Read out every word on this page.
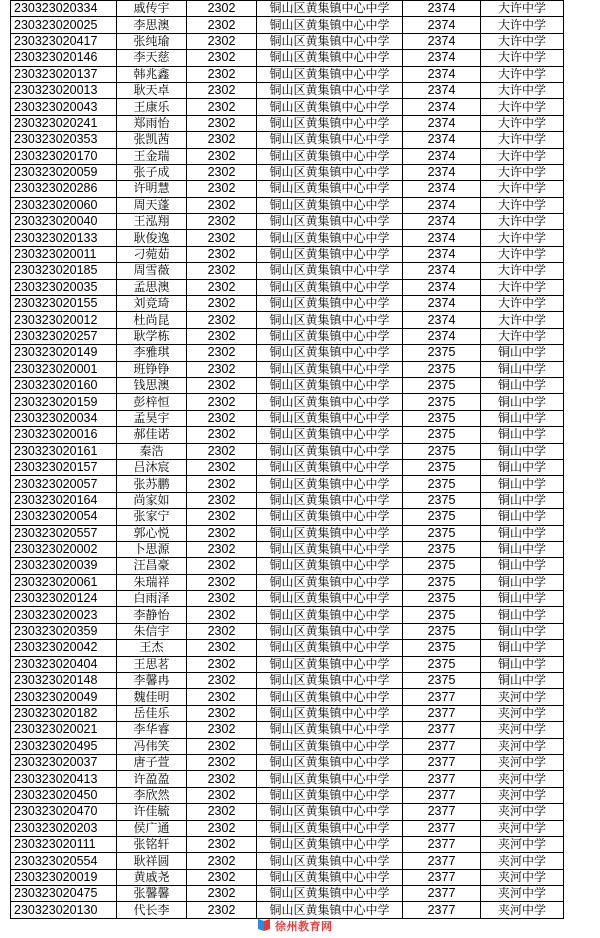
230323020334	戚传宇	2302	铜山区黄集镇中心中学	2374	大许中学
230323020025	李思澳	2302	铜山区黄集镇中心中学	2374	大许中学
230323020417	张纯瑜	2302	铜山区黄集镇中心中学	2374	大许中学
230323020146	李天慈	2302	铜山区黄集镇中心中学	2374	大许中学
230323020137	韩兆鑫	2302	铜山区黄集镇中心中学	2374	大许中学
230323020013	耿天卓	2302	铜山区黄集镇中心中学	2374	大许中学
230323020043	王康乐	2302	铜山区黄集镇中心中学	2374	大许中学
230323020241	郑雨怡	2302	铜山区黄集镇中心中学	2374	大许中学
230323020353	张凯茜	2302	铜山区黄集镇中心中学	2374	大许中学
230323020170	王金瑞	2302	铜山区黄集镇中心中学	2374	大许中学
230323020059	张子成	2302	铜山区黄集镇中心中学	2374	大许中学
230323020286	许明慧	2302	铜山区黄集镇中心中学	2374	大许中学
230323020060	周天蓬	2302	铜山区黄集镇中心中学	2374	大许中学
230323020040	王泓翔	2302	铜山区黄集镇中心中学	2374	大许中学
230323020133	耿俊逸	2302	铜山区黄集镇中心中学	2374	大许中学
230323020011	刁菀茹	2302	铜山区黄集镇中心中学	2374	大许中学
230323020185	周雪薇	2302	铜山区黄集镇中心中学	2374	大许中学
230323020035	孟思澳	2302	铜山区黄集镇中心中学	2374	大许中学
230323020155	刘竞琦	2302	铜山区黄集镇中心中学	2374	大许中学
230323020012	杜尚昆	2302	铜山区黄集镇中心中学	2374	大许中学
230323020257	耿学栋	2302	铜山区黄集镇中心中学	2374	大许中学
230323020149	李雅琪	2302	铜山区黄集镇中心中学	2375	铜山中学
230323020001	班铮铮	2302	铜山区黄集镇中心中学	2375	铜山中学
230323020160	钱思澳	2302	铜山区黄集镇中心中学	2375	铜山中学
230323020159	彭梓恒	2302	铜山区黄集镇中心中学	2375	铜山中学
230323020034	孟昊宇	2302	铜山区黄集镇中心中学	2375	铜山中学
230323020016	郝佳诺	2302	铜山区黄集镇中心中学	2375	铜山中学
230323020161	秦浩	2302	铜山区黄集镇中心中学	2375	铜山中学
230323020157	吕沐宸	2302	铜山区黄集镇中心中学	2375	铜山中学
230323020057	张苏鹏	2302	铜山区黄集镇中心中学	2375	铜山中学
230323020164	尚家如	2302	铜山区黄集镇中心中学	2375	铜山中学
230323020054	张家宁	2302	铜山区黄集镇中心中学	2375	铜山中学
230323020557	郭心悦	2302	铜山区黄集镇中心中学	2375	铜山中学
230323020002	卜思源	2302	铜山区黄集镇中心中学	2375	铜山中学
230323020039	汪昌豪	2302	铜山区黄集镇中心中学	2375	铜山中学
230323020061	朱瑞祥	2302	铜山区黄集镇中心中学	2375	铜山中学
230323020124	白雨泽	2302	铜山区黄集镇中心中学	2375	铜山中学
230323020023	李静怡	2302	铜山区黄集镇中心中学	2375	铜山中学
230323020359	朱信宇	2302	铜山区黄集镇中心中学	2375	铜山中学
230323020042	王杰	2302	铜山区黄集镇中心中学	2375	铜山中学
230323020404	王思茗	2302	铜山区黄集镇中心中学	2375	铜山中学
230323020148	李馨冉	2302	铜山区黄集镇中心中学	2375	铜山中学
230323020049	魏佳明	2302	铜山区黄集镇中心中学	2377	夹河中学
230323020182	岳佳乐	2302	铜山区黄集镇中心中学	2377	夹河中学
230323020021	李华睿	2302	铜山区黄集镇中心中学	2377	夹河中学
230323020495	冯伟笑	2302	铜山区黄集镇中心中学	2377	夹河中学
230323020037	唐子萱	2302	铜山区黄集镇中心中学	2377	夹河中学
230323020413	许盈盈	2302	铜山区黄集镇中心中学	2377	夹河中学
230323020450	李欣然	2302	铜山区黄集镇中心中学	2377	夹河中学
230323020470	许佳毓	2302	铜山区黄集镇中心中学	2377	夹河中学
230323020203	侯广通	2302	铜山区黄集镇中心中学	2377	夹河中学
230323020111	张铭轩	2302	铜山区黄集镇中心中学	2377	夹河中学
230323020554	耿祥圆	2302	铜山区黄集镇中心中学	2377	夹河中学
230323020019	黄戚尧	2302	铜山区黄集镇中心中学	2377	夹河中学
230323020475	张馨馨	2302	铜山区黄集镇中心中学	2377	夹河中学
230323020130	代长李	2302	铜山区黄集镇中心中学	2377	夹河中学
徐州教育网
